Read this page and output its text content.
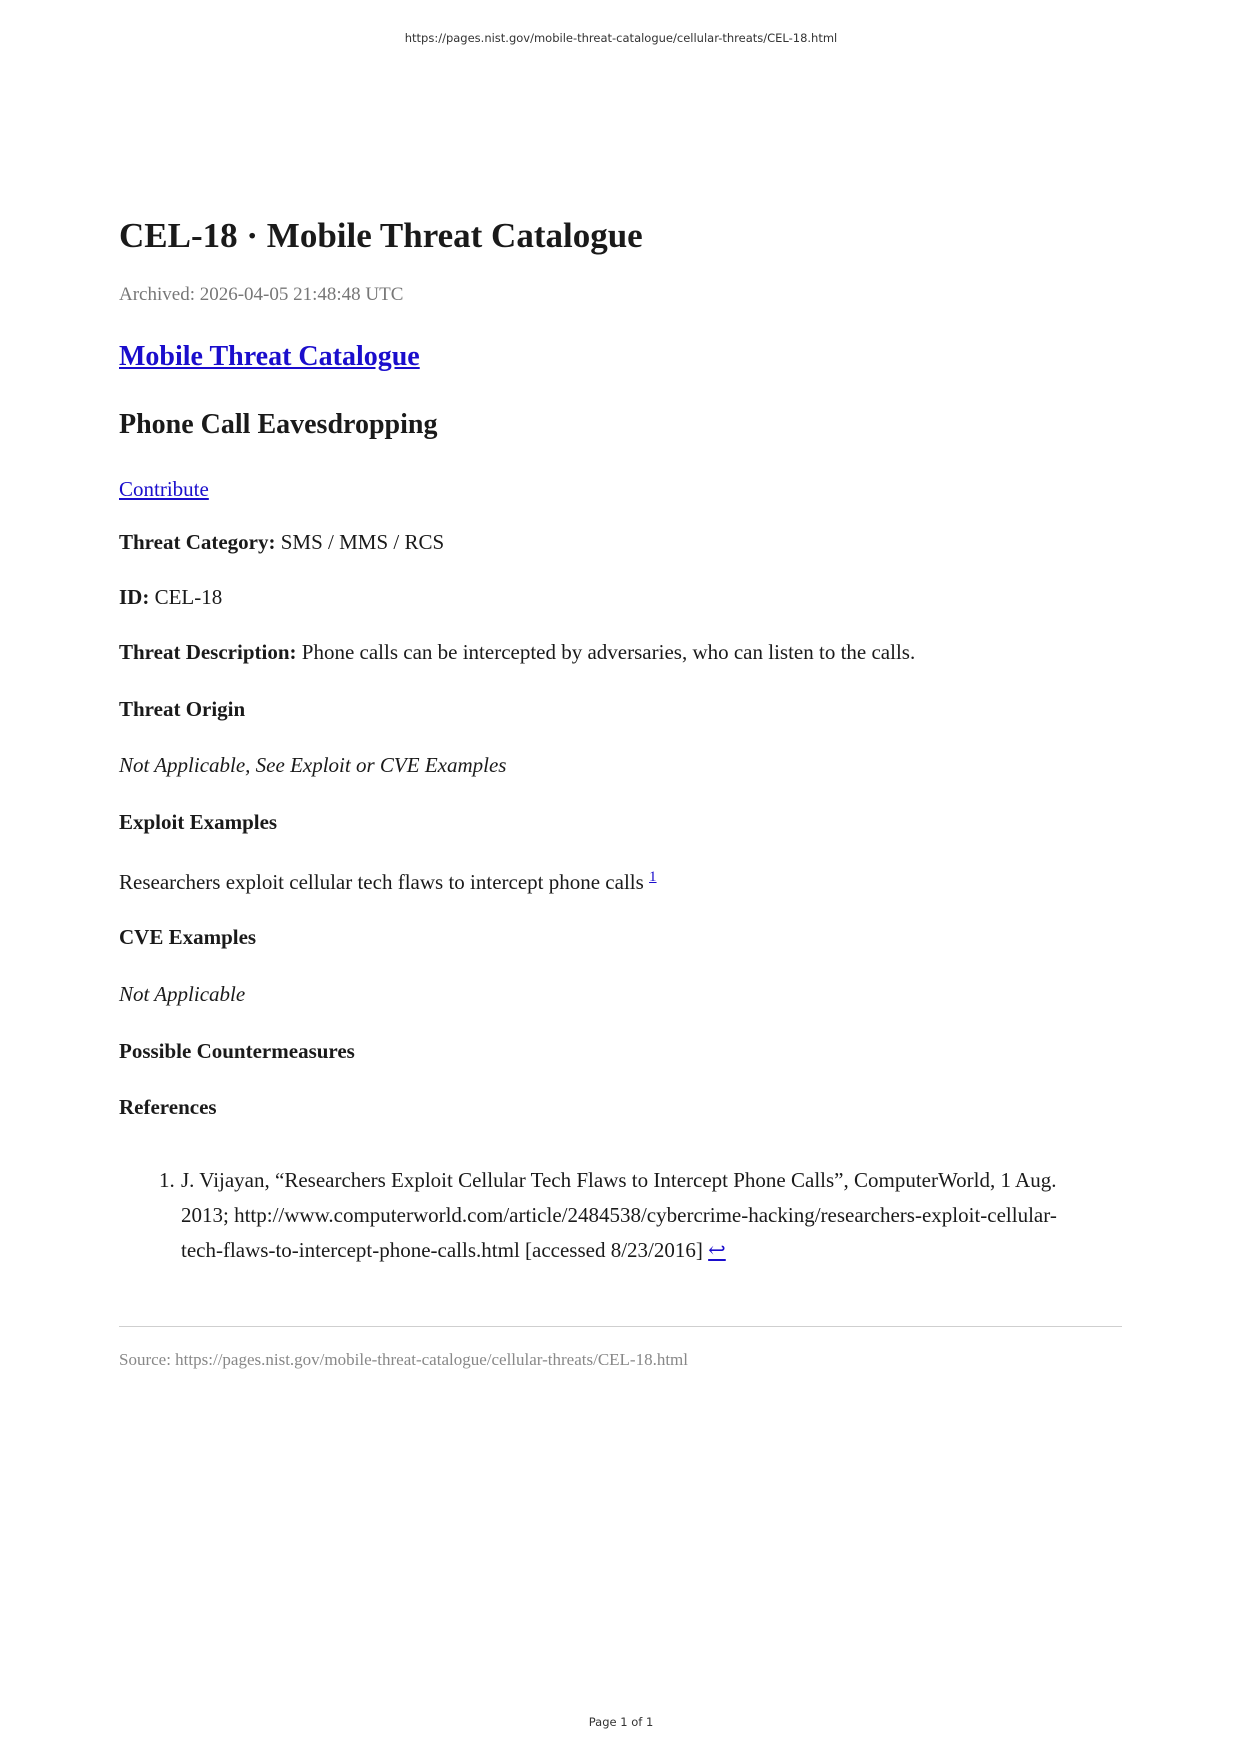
https://pages.nist.gov/mobile-threat-catalogue/cellular-threats/CEL-18.html
CEL-18 · Mobile Threat Catalogue
Archived: 2026-04-05 21:48:48 UTC
Mobile Threat Catalogue
Phone Call Eavesdropping
Contribute
Threat Category: SMS / MMS / RCS
ID: CEL-18
Threat Description: Phone calls can be intercepted by adversaries, who can listen to the calls.
Threat Origin
Not Applicable, See Exploit or CVE Examples
Exploit Examples
Researchers exploit cellular tech flaws to intercept phone calls $^1$
CVE Examples
Not Applicable
Possible Countermeasures
References
1. J. Vijayan, “Researchers Exploit Cellular Tech Flaws to Intercept Phone Calls”, ComputerWorld, 1 Aug.
2013; http://www.computerworld.com/article/2484538/cybercrime-hacking/researchers-exploit-cellular-
tech-flaws-to-intercept-phone-calls.html [accessed 8/23/2016] ↩
Source: https://pages.nist.gov/mobile-threat-catalogue/cellular-threats/CEL-18.html
Page 1 of 1
